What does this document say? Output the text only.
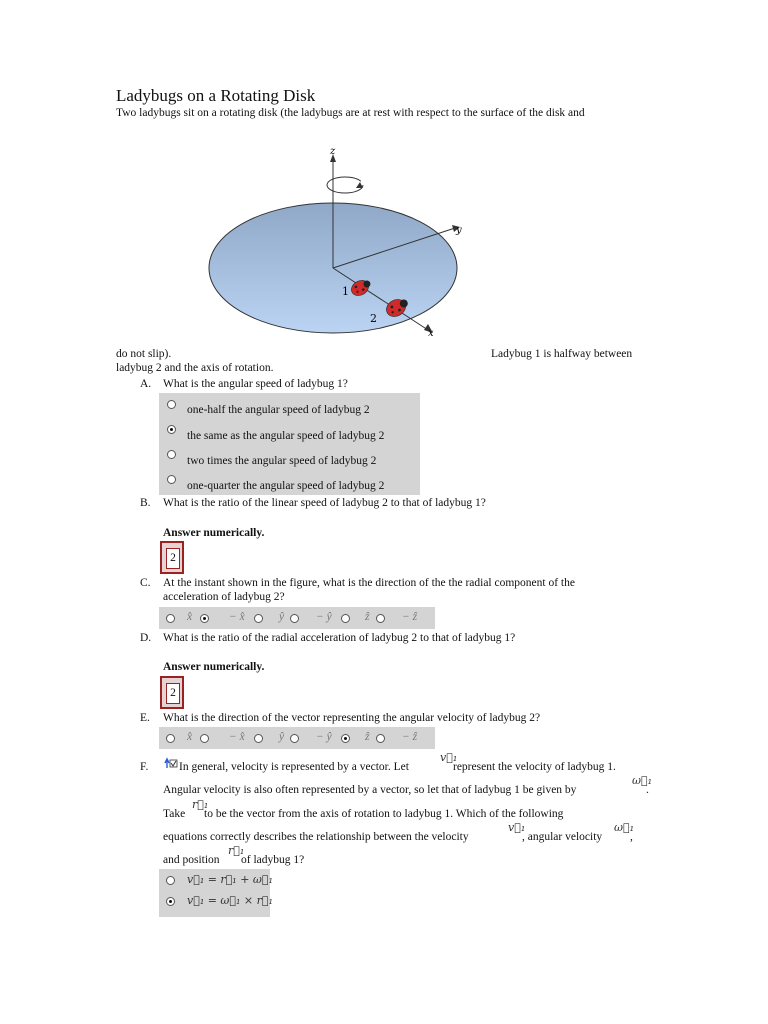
Ladybugs on a Rotating Disk
Two ladybugs sit on a rotating disk (the ladybugs are at rest with respect to the surface of the disk and
z
y
x
1
2
do not slip).	Ladybug 1 is halfway between
ladybug 2 and the axis of rotation.
A. What is the angular speed of ladybug 1?
one-half the angular speed of ladybug 2
the same as the angular speed of ladybug 2
two times the angular speed of ladybug 2
one-quarter the angular speed of ladybug 2
B. What is the ratio of the linear speed of ladybug 2 to that of ladybug 1?
Answer numerically.
2
C. At the instant shown in the figure, what is the direction of the the radial component of the
acceleration of ladybug 2?
x̂	− x̂	ŷ	− ŷ	ẑ	− ẑ
D. What is the ratio of the radial acceleration of ladybug 2 to that of ladybug 1?
Answer numerically.
2
E. What is the direction of the vector representing the angular velocity of ladybug 2?
x̂	− x̂	ŷ	− ŷ	ẑ	− ẑ
F.	In general, velocity is represented by a vector. Let
v⃗₁
represent the velocity of ladybug 1.
Angular velocity is also often represented by a vector, so let that of ladybug 1 be given by
ω⃗₁
.
Take
r⃗₁
to be the vector from the axis of rotation to ladybug 1. Which of the following
equations correctly describes the relationship between the velocity
v⃗₁
, angular velocity
ω⃗₁
,
and position
r⃗₁
of ladybug 1?
v⃗₁ = r⃗₁ + ω⃗₁
v⃗₁ = ω⃗₁ × r⃗₁
